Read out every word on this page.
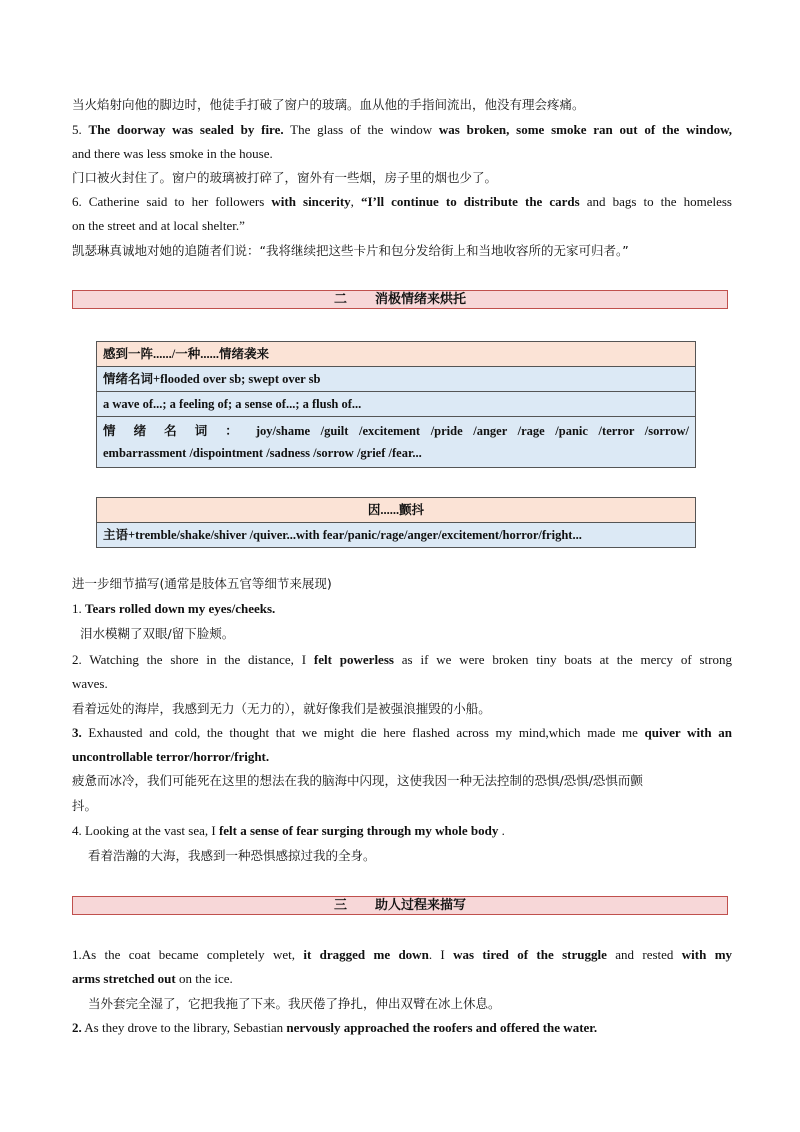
当火焰射向他的脚边时，他徒手打破了窗户的玻璃。血从他的手指间流出，他没有理会疼痛。
5. The doorway was sealed by fire. The glass of the window was broken, some smoke ran out of the window,
and there was less smoke in the house.
门口被火封住了。窗户的玻璃被打碎了，窗外有一些烟，房子里的烟也少了。
6. Catherine said to her followers with sincerity, “I’ll continue to distribute the cards and bags to the homeless
on the street and at local shelter.”
凯瑟琳真诚地对她的追随者们说：“我将继续把这些卡片和包分发给街上和当地收容所的无家可归者。”
二 消极情绪来烘托
感到一阵....../一种......情绪袭来
情绪名词+flooded over sb; swept over sb
a wave of...; a feeling of; a sense of...; a flush of...

情 绪 名 词 ： joy/shame /guilt /excitement /pride /anger /rage /panic /terror /sorrow/
embarrassment /dispointment /sadness /sorrow /grief /fear...
因......颤抖
主语+tremble/shake/shiver /quiver...with fear/panic/rage/anger/excitement/horror/fright...
进一步细节描写(通常是肢体五官等细节来展现)
1. Tears rolled down my eyes/cheeks.
泪水模糊了双眼/留下脸颊。
2. Watching the shore in the distance, I felt powerless as if we were broken tiny boats at the mercy of strong
waves.
看着远处的海岸，我感到无力（无力的），就好像我们是被强浪摧毁的小船。
3. Exhausted and cold, the thought that we might die here flashed across my mind,which made me quiver with an
uncontrollable terror/horror/fright.
疲惫而冰冷，我们可能死在这里的想法在我的脑海中闪现，这使我因一种无法控制的恐惧/恐惧/恐惧而颤
抖。
4. Looking at the vast sea, I felt a sense of fear surging through my whole body .
看着浩瀚的大海，我感到一种恐惧感掠过我的全身。
三 助人过程来描写
1.As the coat became completely wet, it dragged me down. I was tired of the struggle and rested with my
arms stretched out on the ice.
当外套完全湿了，它把我拖了下来。我厌倦了挣扎，伸出双臂在冰上休息。
2. As they drove to the library, Sebastian nervously approached the roofers and offered the water.
